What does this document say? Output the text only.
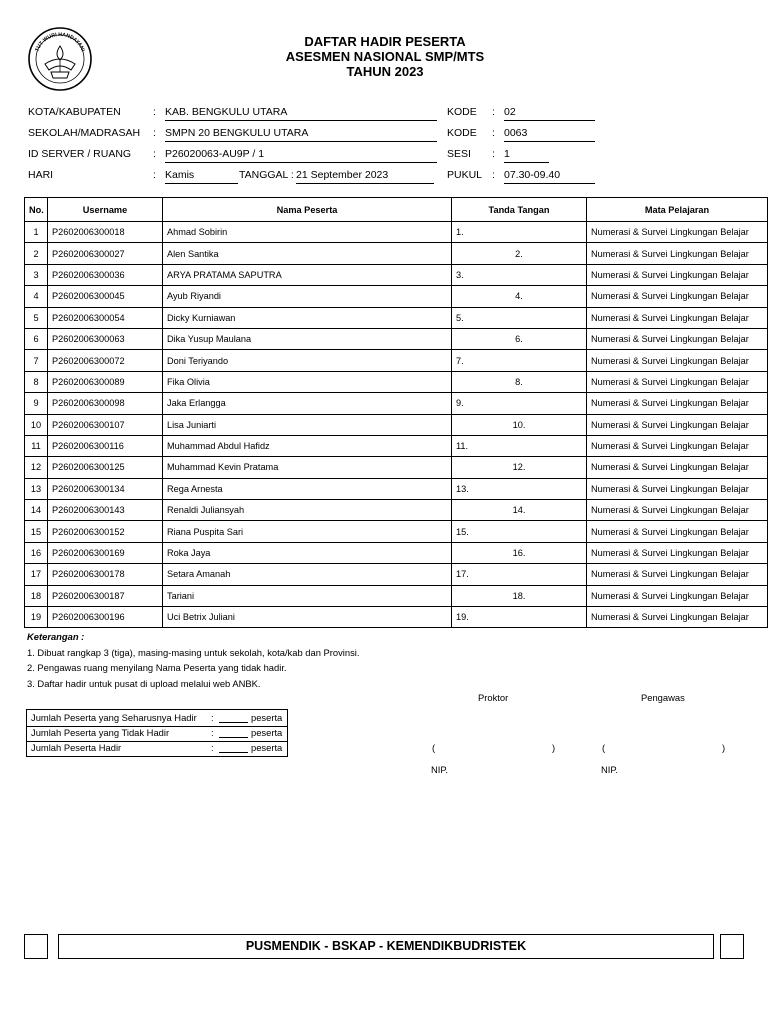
TUT WURI HANDAYANI
DAFTAR HADIR PESERTA
ASESMEN NASIONAL SMP/MTS
TAHUN 2023
KOTA/KABUPATEN	: KAB. BENGKULU UTARA
SEKOLAH/MADRASAH : SMPN 20 BENGKULU UTARA
ID SERVER / RUANG : P26020063-AU9P / 1
HARI	: Kamis	TANGGAL : 21 September 2023
KODE : 02
KODE : 0063
SESI : 1
PUKUL : 07.30-09.40
No.	Username	Nama Peserta	Tanda Tangan	Mata Pelajaran
1	P2602006300018	Ahmad Sobirin	1.	Numerasi & Survei Lingkungan Belajar
2	P2602006300027	Alen Santika	2.	Numerasi & Survei Lingkungan Belajar
3	P2602006300036	ARYA PRATAMA SAPUTRA	3.	Numerasi & Survei Lingkungan Belajar
4	P2602006300045	Ayub Riyandi	4.	Numerasi & Survei Lingkungan Belajar
5	P2602006300054	Dicky Kurniawan	5.	Numerasi & Survei Lingkungan Belajar
6	P2602006300063	Dika Yusup Maulana	6.	Numerasi & Survei Lingkungan Belajar
7	P2602006300072	Doni Teriyando	7.	Numerasi & Survei Lingkungan Belajar
8	P2602006300089	Fika Olivia	8.	Numerasi & Survei Lingkungan Belajar
9	P2602006300098	Jaka Erlangga	9.	Numerasi & Survei Lingkungan Belajar
10	P2602006300107	Lisa Juniarti	10.	Numerasi & Survei Lingkungan Belajar
11	P2602006300116	Muhammad Abdul Hafidz	11.	Numerasi & Survei Lingkungan Belajar
12	P2602006300125	Muhammad Kevin Pratama	12.	Numerasi & Survei Lingkungan Belajar
13	P2602006300134	Rega Arnesta	13.	Numerasi & Survei Lingkungan Belajar
14	P2602006300143	Renaldi Juliansyah	14.	Numerasi & Survei Lingkungan Belajar
15	P2602006300152	Riana Puspita Sari	15.	Numerasi & Survei Lingkungan Belajar
16	P2602006300169	Roka Jaya	16.	Numerasi & Survei Lingkungan Belajar
17	P2602006300178	Setara Amanah	17.	Numerasi & Survei Lingkungan Belajar
18	P2602006300187	Tariani	18.	Numerasi & Survei Lingkungan Belajar
19	P2602006300196	Uci Betrix Juliani	19.	Numerasi & Survei Lingkungan Belajar
Keterangan :
1. Dibuat rangkap 3 (tiga), masing-masing untuk sekolah, kota/kab dan Provinsi.
2. Pengawas ruang menyilang Nama Peserta yang tidak hadir.
3. Daftar hadir untuk pusat di upload melalui web ANBK.
Jumlah Peserta yang Seharusnya Hadir :	peserta
Jumlah Peserta yang Tidak Hadir	:	peserta
Jumlah Peserta Hadir	:	peserta
Proktor	Pengawas
(	)	(	)
NIP.	NIP.
PUSMENDIK - BSKAP - KEMENDIKBUDRISTEK
